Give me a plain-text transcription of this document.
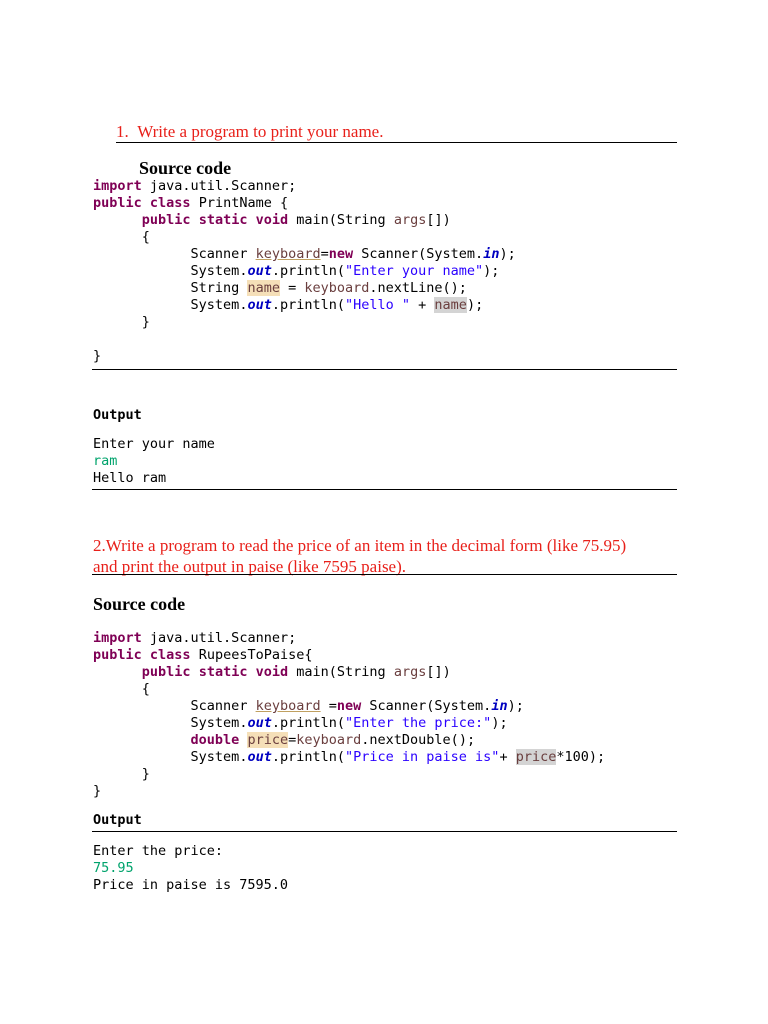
1. Write a program to print your name.
Source code
import java.util.Scanner;
public class PrintName {
public static void main(String args[])
{
Scanner keyboard=new Scanner(System.in);
System.out.println("Enter your name");
String name = keyboard.nextLine();
System.out.println("Hello " + name);
}

}
Output
Enter your name
ram
Hello ram
2.Write a program to read the price of an item in the decimal form (like 75.95)
and print the output in paise (like 7595 paise).
Source code
import java.util.Scanner;
public class RupeesToPaise{
public static void main(String args[])
{
Scanner keyboard =new Scanner(System.in);
System.out.println("Enter the price:");
double price=keyboard.nextDouble();
System.out.println("Price in paise is"+ price*100);
}
}
Output
Enter the price:
75.95
Price in paise is 7595.0
